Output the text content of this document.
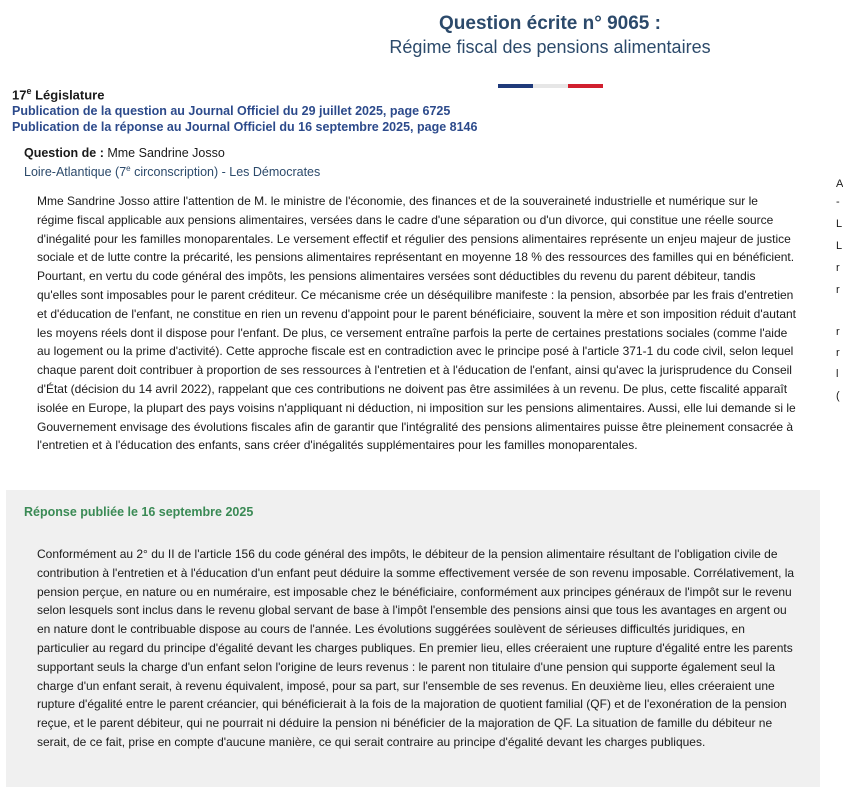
Question écrite n° 9065 :
Régime fiscal des pensions alimentaires
17e Législature
Publication de la question au Journal Officiel du 29 juillet 2025, page 6725
Publication de la réponse au Journal Officiel du 16 septembre 2025, page 8146
Question de : Mme Sandrine Josso
Loire-Atlantique (7e circonscription) - Les Démocrates
Mme Sandrine Josso attire l'attention de M. le ministre de l'économie, des finances et de la souveraineté industrielle et numérique sur le régime fiscal applicable aux pensions alimentaires, versées dans le cadre d'une séparation ou d'un divorce, qui constitue une réelle source d'inégalité pour les familles monoparentales. Le versement effectif et régulier des pensions alimentaires représente un enjeu majeur de justice sociale et de lutte contre la précarité, les pensions alimentaires représentant en moyenne 18 % des ressources des familles qui en bénéficient. Pourtant, en vertu du code général des impôts, les pensions alimentaires versées sont déductibles du revenu du parent débiteur, tandis qu'elles sont imposables pour le parent créditeur. Ce mécanisme crée un déséquilibre manifeste : la pension, absorbée par les frais d'entretien et d'éducation de l'enfant, ne constitue en rien un revenu d'appoint pour le parent bénéficiaire, souvent la mère et son imposition réduit d'autant les moyens réels dont il dispose pour l'enfant. De plus, ce versement entraîne parfois la perte de certaines prestations sociales (comme l'aide au logement ou la prime d'activité). Cette approche fiscale est en contradiction avec le principe posé à l'article 371-1 du code civil, selon lequel chaque parent doit contribuer à proportion de ses ressources à l'entretien et à l'éducation de l'enfant, ainsi qu'avec la jurisprudence du Conseil d'État (décision du 14 avril 2022), rappelant que ces contributions ne doivent pas être assimilées à un revenu. De plus, cette fiscalité apparaît isolée en Europe, la plupart des pays voisins n'appliquant ni déduction, ni imposition sur les pensions alimentaires. Aussi, elle lui demande si le Gouvernement envisage des évolutions fiscales afin de garantir que l'intégralité des pensions alimentaires puisse être pleinement consacrée à l'entretien et à l'éducation des enfants, sans créer d'inégalités supplémentaires pour les familles monoparentales.
Réponse publiée le 16 septembre 2025
Conformément au 2° du II de l'article 156 du code général des impôts, le débiteur de la pension alimentaire résultant de l'obligation civile de contribution à l'entretien et à l'éducation d'un enfant peut déduire la somme effectivement versée de son revenu imposable. Corrélativement, la pension perçue, en nature ou en numéraire, est imposable chez le bénéficiaire, conformément aux principes généraux de l'impôt sur le revenu selon lesquels sont inclus dans le revenu global servant de base à l'impôt l'ensemble des pensions ainsi que tous les avantages en argent ou en nature dont le contribuable dispose au cours de l'année. Les évolutions suggérées soulèvent de sérieuses difficultés juridiques, en particulier au regard du principe d'égalité devant les charges publiques. En premier lieu, elles créeraient une rupture d'égalité entre les parents supportant seuls la charge d'un enfant selon l'origine de leurs revenus : le parent non titulaire d'une pension qui supporte également seul la charge d'un enfant serait, à revenu équivalent, imposé, pour sa part, sur l'ensemble de ses revenus. En deuxième lieu, elles créeraient une rupture d'égalité entre le parent créancier, qui bénéficierait à la fois de la majoration de quotient familial (QF) et de l'exonération de la pension reçue, et le parent débiteur, qui ne pourrait ni déduire la pension ni bénéficier de la majoration de QF. La situation de famille du débiteur ne serait, de ce fait, prise en compte d'aucune manière, ce qui serait contraire au principe d'égalité devant les charges publiques.
A
-
L
L
r
r
r
r
l
(
